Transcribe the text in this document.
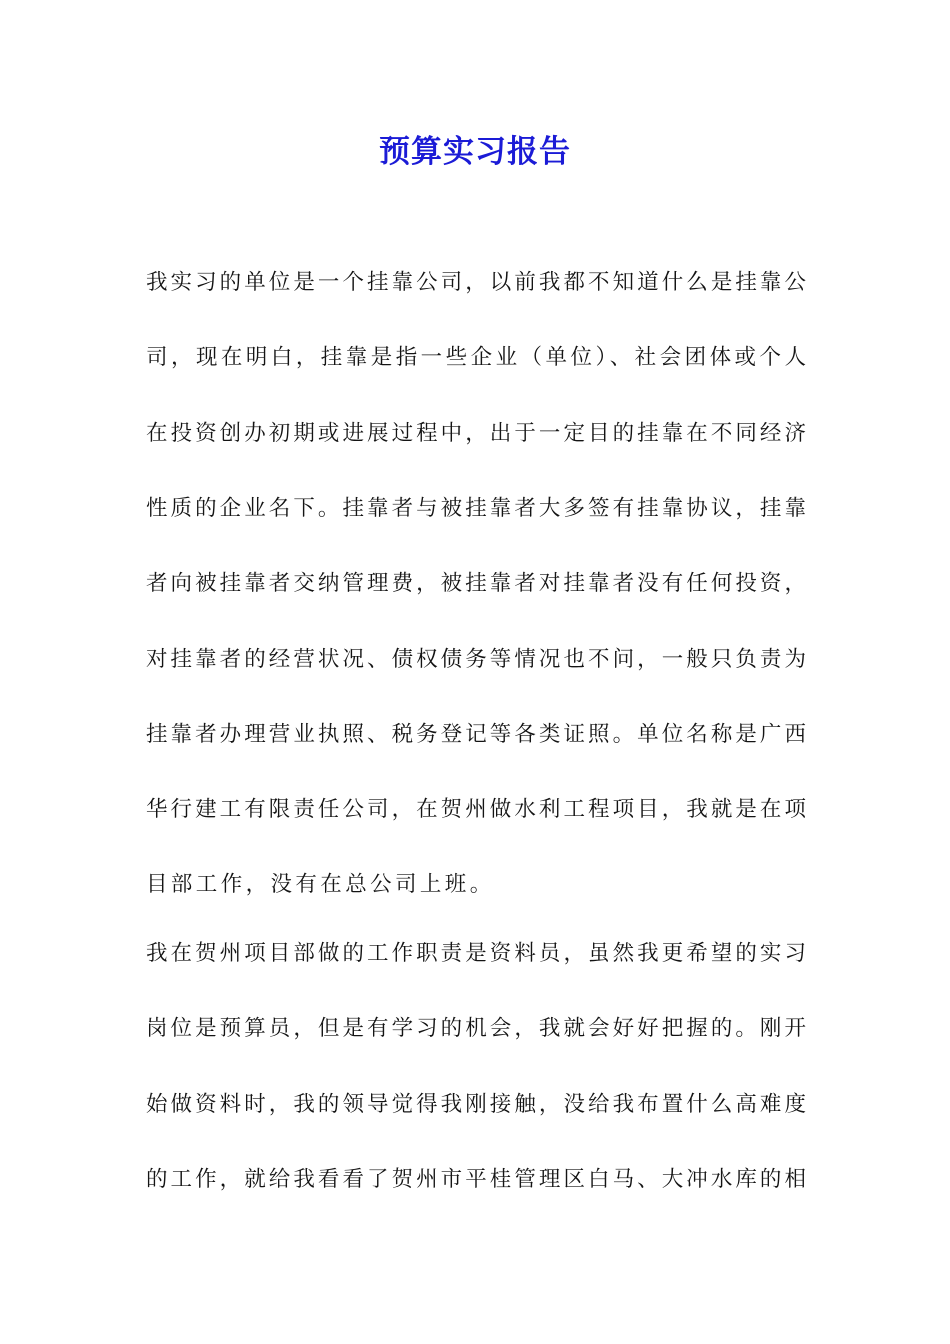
预算实习报告
我实习的单位是一个挂靠公司，以前我都不知道什么是挂靠公
司，现在明白，挂靠是指一些企业（单位）、社会团体或个人
在投资创办初期或进展过程中，出于一定目的挂靠在不同经济
性质的企业名下。挂靠者与被挂靠者大多签有挂靠协议，挂靠
者向被挂靠者交纳管理费，被挂靠者对挂靠者没有任何投资，
对挂靠者的经营状况、债权债务等情况也不问，一般只负责为
挂靠者办理营业执照、税务登记等各类证照。单位名称是广西
华行建工有限责任公司，在贺州做水利工程项目，我就是在项
目部工作，没有在总公司上班。
我在贺州项目部做的工作职责是资料员，虽然我更希望的实习
岗位是预算员，但是有学习的机会，我就会好好把握的。刚开
始做资料时，我的领导觉得我刚接触，没给我布置什么高难度
的工作，就给我看看了贺州市平桂管理区白马、大冲水库的相
